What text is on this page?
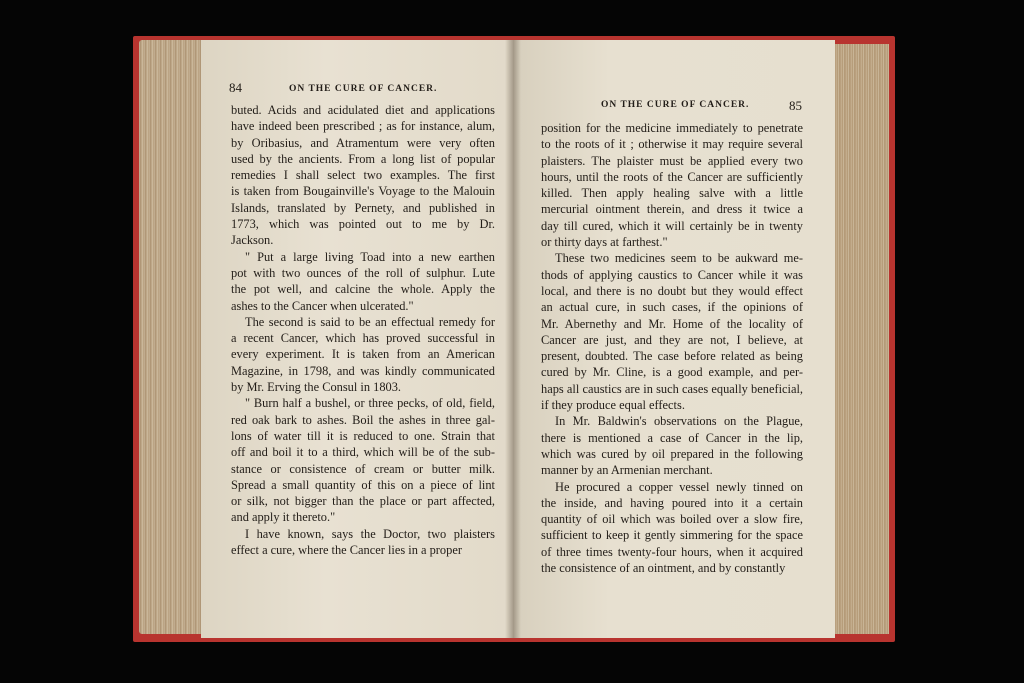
84	ON THE CURE OF CANCER.
buted. Acids and acidulated diet and applications
have indeed been prescribed ; as for instance, alum,
by Oribasius, and Atramentum were very often
used by the ancients. From a long list of popular
remedies I shall select two examples. The first
is taken from Bougainville's Voyage to the Malouin
Islands, translated by Pernety, and published in
1773, which was pointed out to me by Dr.
Jackson.
" Put a large living Toad into a new earthen
pot with two ounces of the roll of sulphur. Lute
the pot well, and calcine the whole. Apply the
ashes to the Cancer when ulcerated."
The second is said to be an effectual remedy for
a recent Cancer, which has proved successful in
every experiment. It is taken from an American
Magazine, in 1798, and was kindly communicated
by Mr. Erving the Consul in 1803.
" Burn half a bushel, or three pecks, of old, field,
red oak bark to ashes. Boil the ashes in three gal-
lons of water till it is reduced to one. Strain that
off and boil it to a third, which will be of the sub-
stance or consistence of cream or butter milk.
Spread a small quantity of this on a piece of lint
or silk, not bigger than the place or part affected,
and apply it thereto."
I have known, says the Doctor, two plaisters
effect a cure, where the Cancer lies in a proper
ON THE CURE OF CANCER.	85
position for the medicine immediately to penetrate
to the roots of it ; otherwise it may require several
plaisters. The plaister must be applied every two
hours, until the roots of the Cancer are sufficiently
killed. Then apply healing salve with a little
mercurial ointment therein, and dress it twice a
day till cured, which it will certainly be in twenty
or thirty days at farthest."
These two medicines seem to be aukward me-
thods of applying caustics to Cancer while it was
local, and there is no doubt but they would effect
an actual cure, in such cases, if the opinions of
Mr. Abernethy and Mr. Home of the locality of
Cancer are just, and they are not, I believe, at
present, doubted. The case before related as being
cured by Mr. Cline, is a good example, and per-
haps all caustics are in such cases equally beneficial,
if they produce equal effects.
In Mr. Baldwin's observations on the Plague,
there is mentioned a case of Cancer in the lip,
which was cured by oil prepared in the following
manner by an Armenian merchant.
He procured a copper vessel newly tinned on
the inside, and having poured into it a certain
quantity of oil which was boiled over a slow fire,
sufficient to keep it gently simmering for the space
of three times twenty-four hours, when it acquired
the consistence of an ointment, and by constantly
